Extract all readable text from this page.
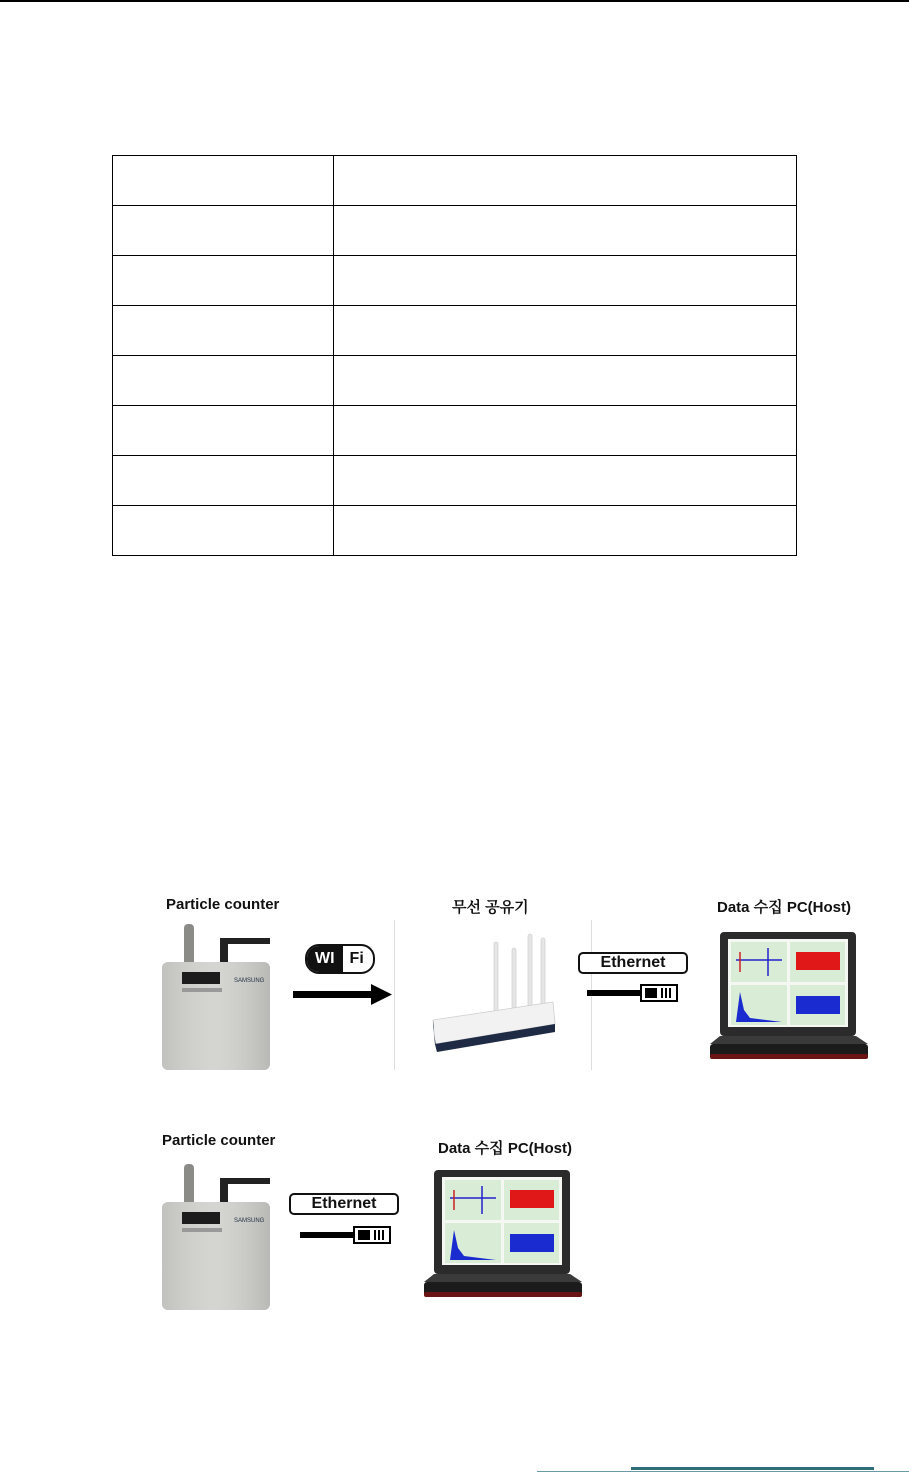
Particle counter	무선 공유기	Data 수집 PC(Host)
SAMSUNG
WI Fi	Ethernet
Particle counter	Data 수집 PC(Host)
SAMSUNG
Ethernet
